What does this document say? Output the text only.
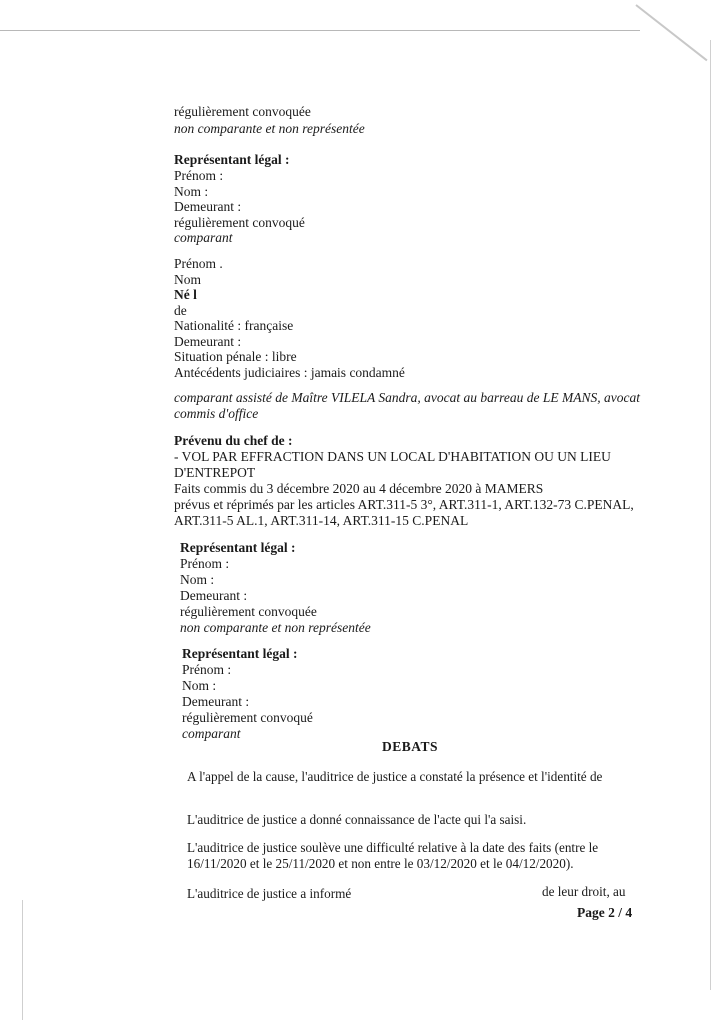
régulièrement convoquée
non comparante et non représentée
Représentant légal :
Prénom :
Nom :
Demeurant :
régulièrement convoqué
comparant
Prénom .
Nom
Né l
de
Nationalité : française
Demeurant :
Situation pénale : libre
Antécédents judiciaires : jamais condamné
comparant assisté de Maître VILELA Sandra, avocat au barreau de LE MANS, avocat
commis d'office
Prévenu du chef de :
- VOL PAR EFFRACTION DANS UN LOCAL D'HABITATION OU UN LIEU
D'ENTREPOT
Faits commis du 3 décembre 2020 au 4 décembre 2020 à MAMERS
prévus et réprimés par les articles ART.311-5 3°, ART.311-1, ART.132-73 C.PENAL,
ART.311-5 AL.1, ART.311-14, ART.311-15 C.PENAL
Représentant légal :
Prénom :
Nom :
Demeurant :
régulièrement convoquée
non comparante et non représentée
Représentant légal :
Prénom :
Nom :
Demeurant :
régulièrement convoqué
comparant
DEBATS
A l'appel de la cause, l'auditrice de justice a constaté la présence et l'identité de
L'auditrice de justice a donné connaissance de l'acte qui l'a saisi.
L'auditrice de justice soulève une difficulté relative à la date des faits (entre le
16/11/2020 et le 25/11/2020 et non entre le 03/12/2020 et le 04/12/2020).
L'auditrice de justice a informé	de leur droit, au
Page 2 / 4
